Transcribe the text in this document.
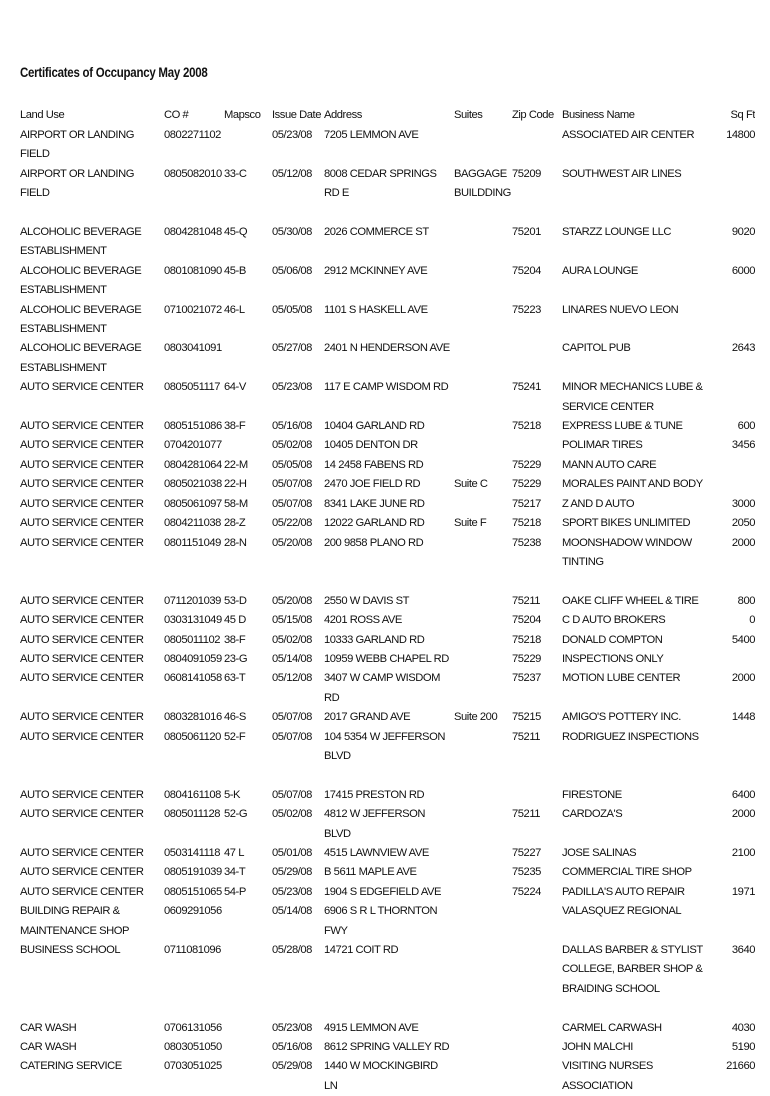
Certificates of Occupancy May 2008
Land Use	CO #	Mapsco	Issue Date	Address	Suites	Zip Code	Business Name	Sq Ft
AIRPORT OR LANDING FIELD	0802271102		05/23/08	7205 LEMMON AVE			ASSOCIATED AIR CENTER	14800
AIRPORT OR LANDING FIELD	0805082010	33-C	05/12/08	8008 CEDAR SPRINGS RD E	BAGGAGE BUILDDING	75209	SOUTHWEST AIR LINES	

ALCOHOLIC BEVERAGE ESTABLISHMENT	0804281048	45-Q	05/30/08	2026 COMMERCE ST		75201	STARZZ LOUNGE LLC	9020
ALCOHOLIC BEVERAGE ESTABLISHMENT	0801081090	45-B	05/06/08	2912 MCKINNEY AVE		75204	AURA LOUNGE	6000
ALCOHOLIC BEVERAGE ESTABLISHMENT	0710021072	46-L	05/05/08	1101 S HASKELL AVE		75223	LINARES NUEVO LEON	
ALCOHOLIC BEVERAGE ESTABLISHMENT	0803041091		05/27/08	2401 N HENDERSON AVE			CAPITOL PUB	2643
AUTO SERVICE CENTER	0805051117	64-V	05/23/08	117 E CAMP WISDOM RD		75241	MINOR MECHANICS LUBE & SERVICE CENTER	
AUTO SERVICE CENTER	0805151086	38-F	05/16/08	10404 GARLAND RD		75218	EXPRESS LUBE & TUNE	600
AUTO SERVICE CENTER	0704201077		05/02/08	10405 DENTON DR			POLIMAR TIRES	3456
AUTO SERVICE CENTER	0804281064	22-M	05/05/08	14 2458 FABENS RD		75229	MANN AUTO CARE	
AUTO SERVICE CENTER	0805021038	22-H	05/07/08	2470 JOE FIELD RD	Suite C	75229	MORALES PAINT AND BODY	
AUTO SERVICE CENTER	0805061097	58-M	05/07/08	8341 LAKE JUNE RD		75217	Z AND D AUTO	3000
AUTO SERVICE CENTER	0804211038	28-Z	05/22/08	12022 GARLAND RD	Suite F	75218	SPORT BIKES UNLIMITED	2050
AUTO SERVICE CENTER	0801151049	28-N	05/20/08	200 9858 PLANO RD		75238	MOONSHADOW WINDOW TINTING	2000

AUTO SERVICE CENTER	0711201039	53-D	05/20/08	2550 W DAVIS ST		75211	OAKE CLIFF WHEEL & TIRE	800
AUTO SERVICE CENTER	0303131049	45 D	05/15/08	4201 ROSS AVE		75204	C D AUTO BROKERS	0
AUTO SERVICE CENTER	0805011102	38-F	05/02/08	10333 GARLAND RD		75218	DONALD COMPTON	5400
AUTO SERVICE CENTER	0804091059	23-G	05/14/08	10959 WEBB CHAPEL RD		75229	INSPECTIONS ONLY	
AUTO SERVICE CENTER	0608141058	63-T	05/12/08	3407 W CAMP WISDOM RD		75237	MOTION LUBE CENTER	2000
AUTO SERVICE CENTER	0803281016	46-S	05/07/08	2017 GRAND AVE	Suite 200	75215	AMIGO'S POTTERY INC.	1448
AUTO SERVICE CENTER	0805061120	52-F	05/07/08	104 5354 W JEFFERSON BLVD		75211	RODRIGUEZ INSPECTIONS	

AUTO SERVICE CENTER	0804161108	5-K	05/07/08	17415 PRESTON RD			FIRESTONE	6400
AUTO SERVICE CENTER	0805011128	52-G	05/02/08	4812 W JEFFERSON BLVD		75211	CARDOZA'S	2000
AUTO SERVICE CENTER	0503141118	47 L	05/01/08	4515 LAWNVIEW AVE		75227	JOSE SALINAS	2100
AUTO SERVICE CENTER	0805191039	34-T	05/29/08	B 5611 MAPLE AVE		75235	COMMERCIAL TIRE SHOP	
AUTO SERVICE CENTER	0805151065	54-P	05/23/08	1904 S EDGEFIELD AVE		75224	PADILLA'S AUTO REPAIR	1971
BUILDING REPAIR & MAINTENANCE SHOP	0609291056		05/14/08	6906 S R L THORNTON FWY			VALASQUEZ REGIONAL	
BUSINESS SCHOOL	0711081096		05/28/08	14721 COIT RD			DALLAS BARBER & STYLIST COLLEGE, BARBER SHOP & BRAIDING SCHOOL	3640

CAR WASH	0706131056		05/23/08	4915 LEMMON AVE			CARMEL CARWASH	4030
CAR WASH	0803051050		05/16/08	8612 SPRING VALLEY RD			JOHN MALCHI	5190
CATERING SERVICE	0703051025		05/29/08	1440 W MOCKINGBIRD LN			VISITING NURSES ASSOCIATION	21660
